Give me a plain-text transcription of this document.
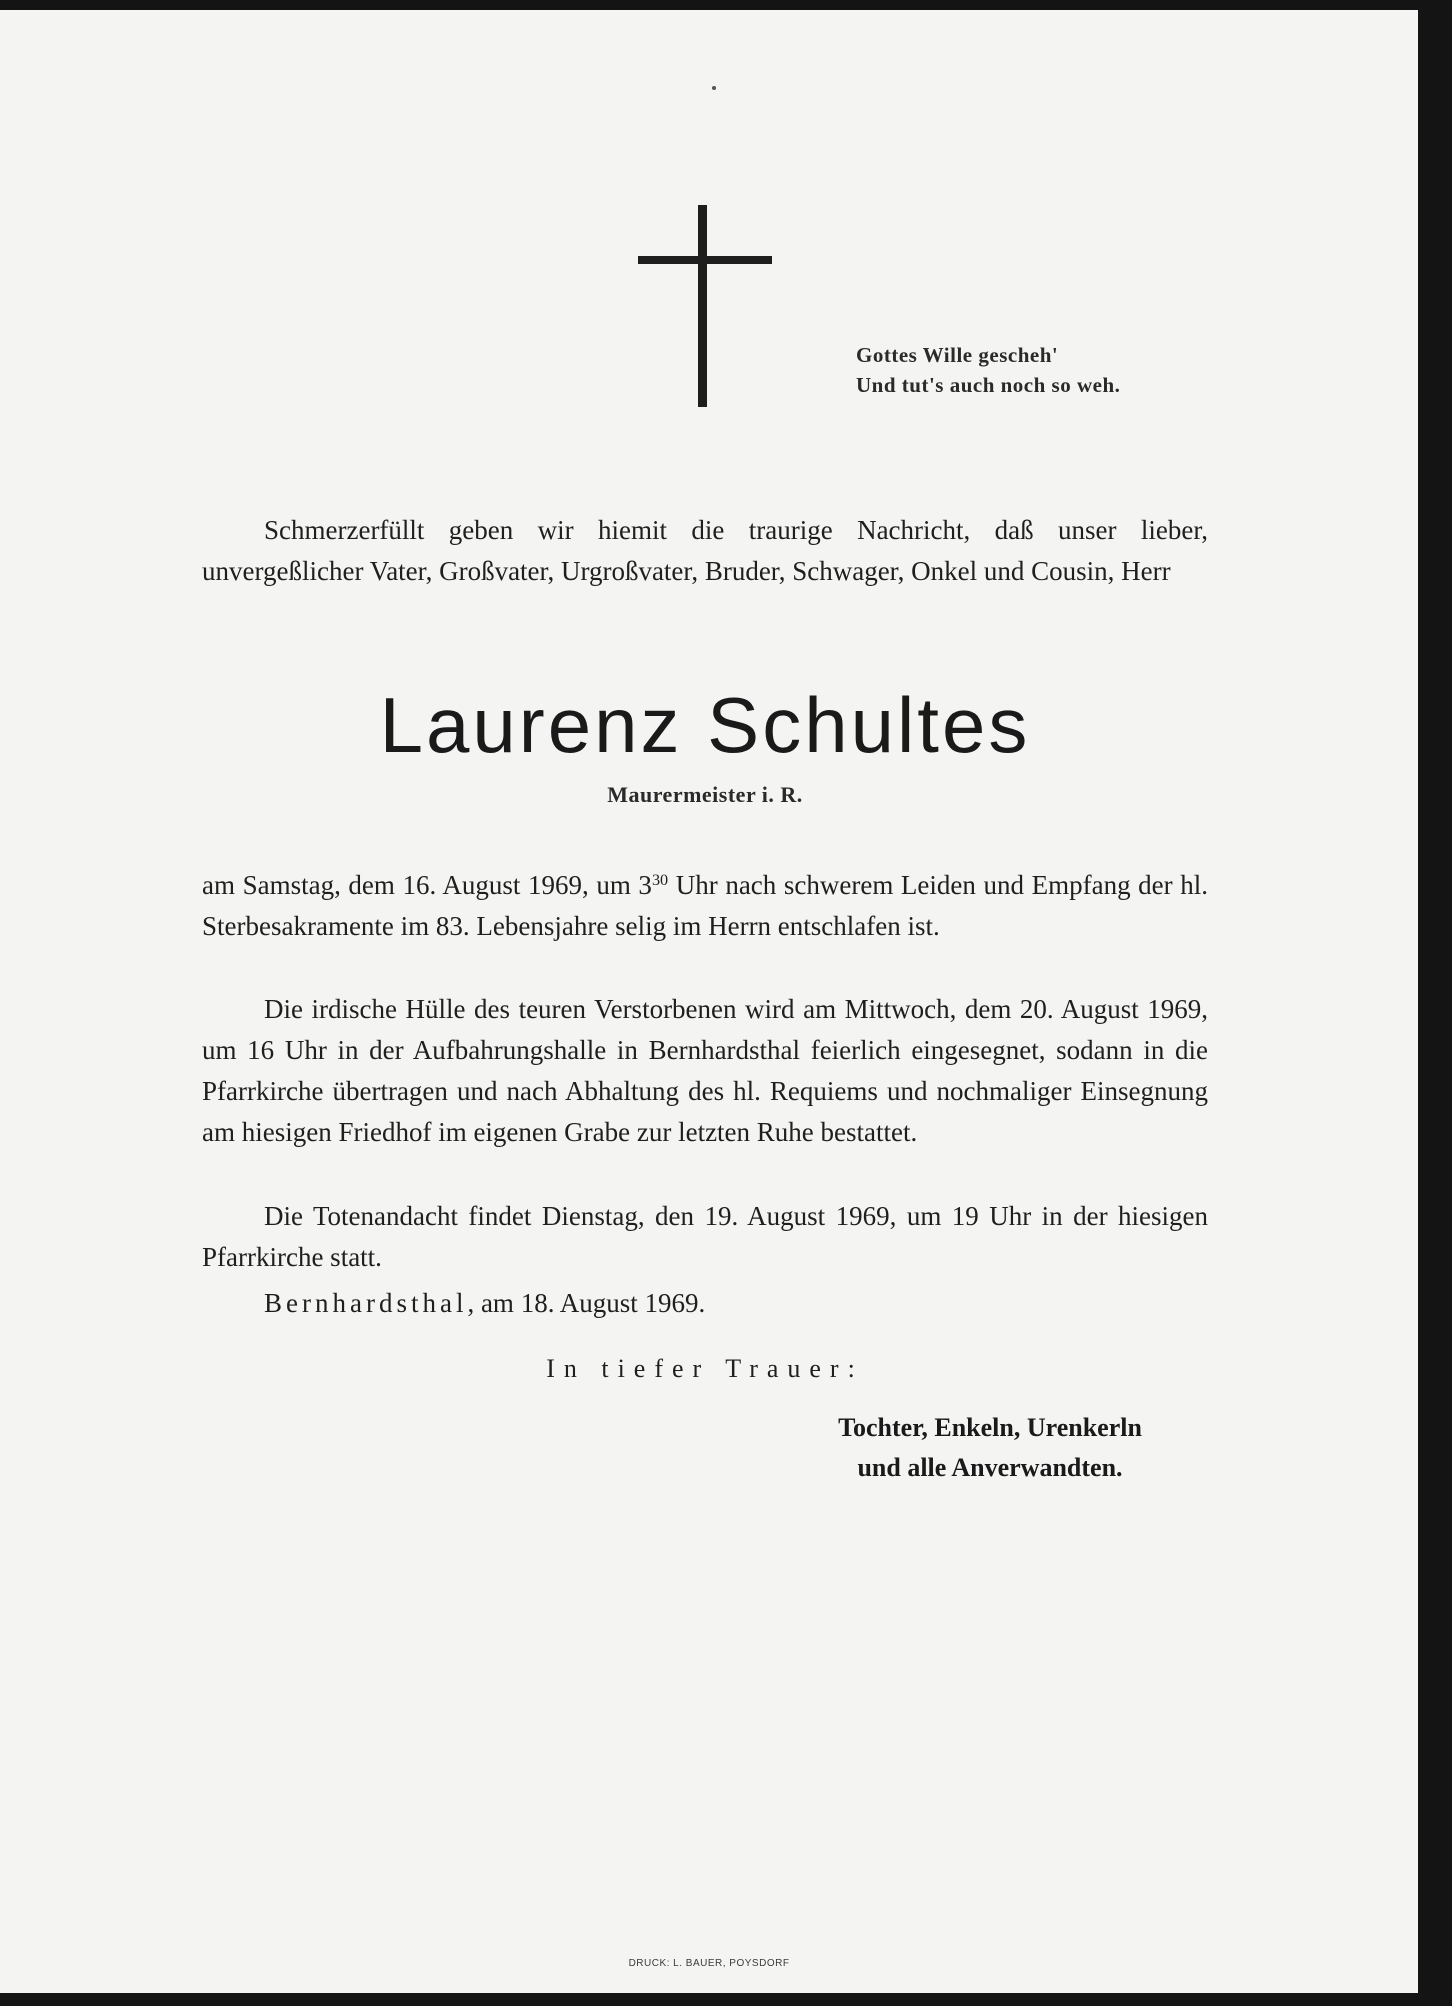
Gottes Wille gescheh'
Und tut's auch noch so weh.
Schmerzerfüllt geben wir hiemit die traurige Nachricht, daß unser lieber, unvergeßlicher Vater, Großvater, Urgroßvater, Bruder, Schwager, Onkel und Cousin, Herr
Laurenz Schultes
Maurermeister i. R.
am Samstag, dem 16. August 1969, um $3^{30}$ Uhr nach schwerem Leiden und Empfang der hl. Sterbesakramente im 83. Lebensjahre selig im Herrn entschlafen ist.
Die irdische Hülle des teuren Verstorbenen wird am Mittwoch, dem 20. August 1969, um 16 Uhr in der Aufbahrungshalle in Bernhardsthal feierlich eingesegnet, sodann in die Pfarrkirche übertragen und nach Abhaltung des hl. Requiems und nochmaliger Einsegnung am hiesigen Friedhof im eigenen Grabe zur letzten Ruhe bestattet.
Die Totenandacht findet Dienstag, den 19. August 1969, um 19 Uhr in der hiesigen Pfarrkirche statt.
Bernhardsthal, am 18. August 1969.
In tiefer Trauer:
Tochter, Enkeln, Urenkerln
und alle Anverwandten.
DRUCK: L. BAUER, POYSDORF
